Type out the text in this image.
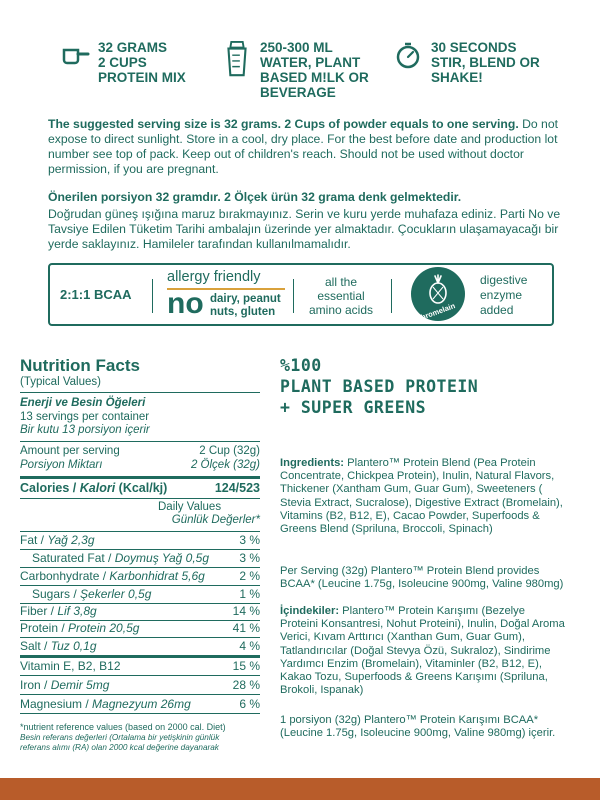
32 GRAMS
2 CUPS
PROTEIN MIX
250-300 ML
WATER, PLANT
BASED M!LK OR
BEVERAGE
30 SECONDS
STIR, BLEND OR
SHAKE!
The suggested serving size is 32 grams. 2 Cups of powder equals to one serving. Do not expose to direct sunlight. Store in a cool, dry place. For the best before date and production lot number see top of pack. Keep out of children's reach. Should not be used without doctor permission, if you are pregnant.
Önerilen porsiyon 32 gramdır. 2 Ölçek ürün 32 grama denk gelmektedir.
Doğrudan güneş ışığına maruz bırakmayınız. Serin ve kuru yerde muhafaza ediniz. Parti No ve Tavsiye Edilen Tüketim Tarihi ambalajın üzerinde yer almaktadır. Çocukların ulaşamayacağı bir yerde saklayınız. Hamileler tarafından kullanılmamalıdır.
2:1:1 BCAA
allergy friendly
no dairy, peanut
nuts, gluten
all the
essential
amino acids	bromelain
digestive
enzyme
added
Nutrition Facts
(Typical Values)
Enerji ve Besin Öğeleri
13 servings per container
Bir kutu 13 porsiyon içerir
Amount per serving	2 Cup (32g)
Porsiyon Miktarı	2 Ölçek (32g)
Calories / Kalori (Kcal/kj)	124/523
Daily Values
Günlük Değerler*
Fat / Yağ 2,3g	3 %
Saturated Fat / Doymuş Yağ 0,5g	3 %
Carbonhydrate / Karbonhidrat 5,6g	2 %
Sugars / Şekerler 0,5g	1 %
Fiber / Lif 3,8g	14 %
Protein / Protein 20,5g	41 %
Salt / Tuz 0,1g	4 %
Vitamin E, B2, B12	15 %
Iron / Demir 5mg	28 %
Magnesium / Magnezyum 26mg	6 %
*nutrient reference values (based on 2000 cal. Diet)
Besin referans değerleri (Ortalama bir yetişkinin günlük
referans alımı (RA) olan 2000 kcal değerine dayanarak
%100
PLANT BASED PROTEIN
+ SUPER GREENS
Ingredients: Plantero™ Protein Blend (Pea Protein Concentrate, Chickpea Protein), Inulin, Natural Flavors, Thickener (Xantham Gum, Guar Gum), Sweeteners ( Stevia Extract, Sucralose), Digestive Extract (Bromelain), Vitamins (B2, B12, E), Cacao Powder, Superfoods & Greens Blend (Spriluna, Broccoli, Spinach)
Per Serving (32g) Plantero™ Protein Blend provides BCAA* (Leucine 1.75g, Isoleucine 900mg, Valine 980mg)
İçindekiler: Plantero™ Protein Karışımı (Bezelye Proteini Konsantresi, Nohut Proteini), Inulin, Doğal Aroma Verici, Kıvam Arttırıcı (Xanthan Gum, Guar Gum), Tatlandırıcılar (Doğal Stevya Özü, Sukraloz), Sindirime Yardımcı Enzim (Bromelain), Vitaminler (B2, B12, E), Kakao Tozu, Superfoods & Greens Karışımı (Spriluna, Brokoli, Ispanak)
1 porsiyon (32g) Plantero™ Protein Karışımı BCAA* (Leucine 1.75g, Isoleucine 900mg, Valine 980mg) içerir.
